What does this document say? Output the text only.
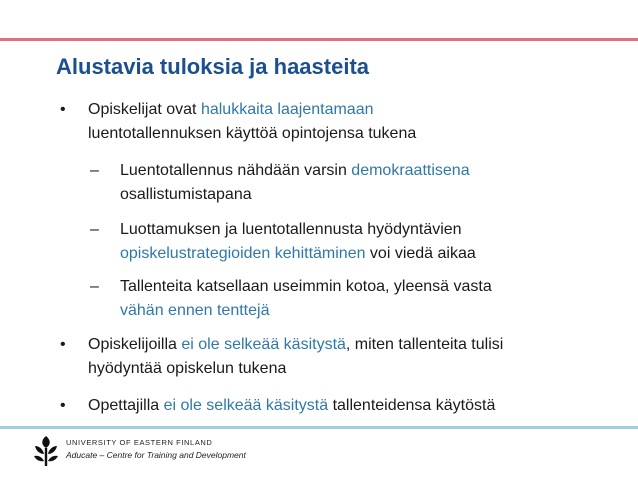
Alustavia tuloksia ja haasteita
• Opiskelijat ovat halukkaita laajentamaan
luentotallennuksen käyttöä opintojensa tukena
– Luentotallennus nähdään varsin demokraattisena
osallistumistapana
– Luottamuksen ja luentotallennusta hyödyntävien
opiskelustrategioiden kehittäminen voi viedä aikaa
– Tallenteita katsellaan useimmin kotoa, yleensä vasta
vähän ennen tenttejä
• Opiskelijoilla ei ole selkeää käsitystä, miten tallenteita tulisi
hyödyntää opiskelun tukena
• Opettajilla ei ole selkeää käsitystä tallenteidensa käytöstä
UNIVERSITY OF EASTERN FINLAND
Aducate – Centre for Training and Development
